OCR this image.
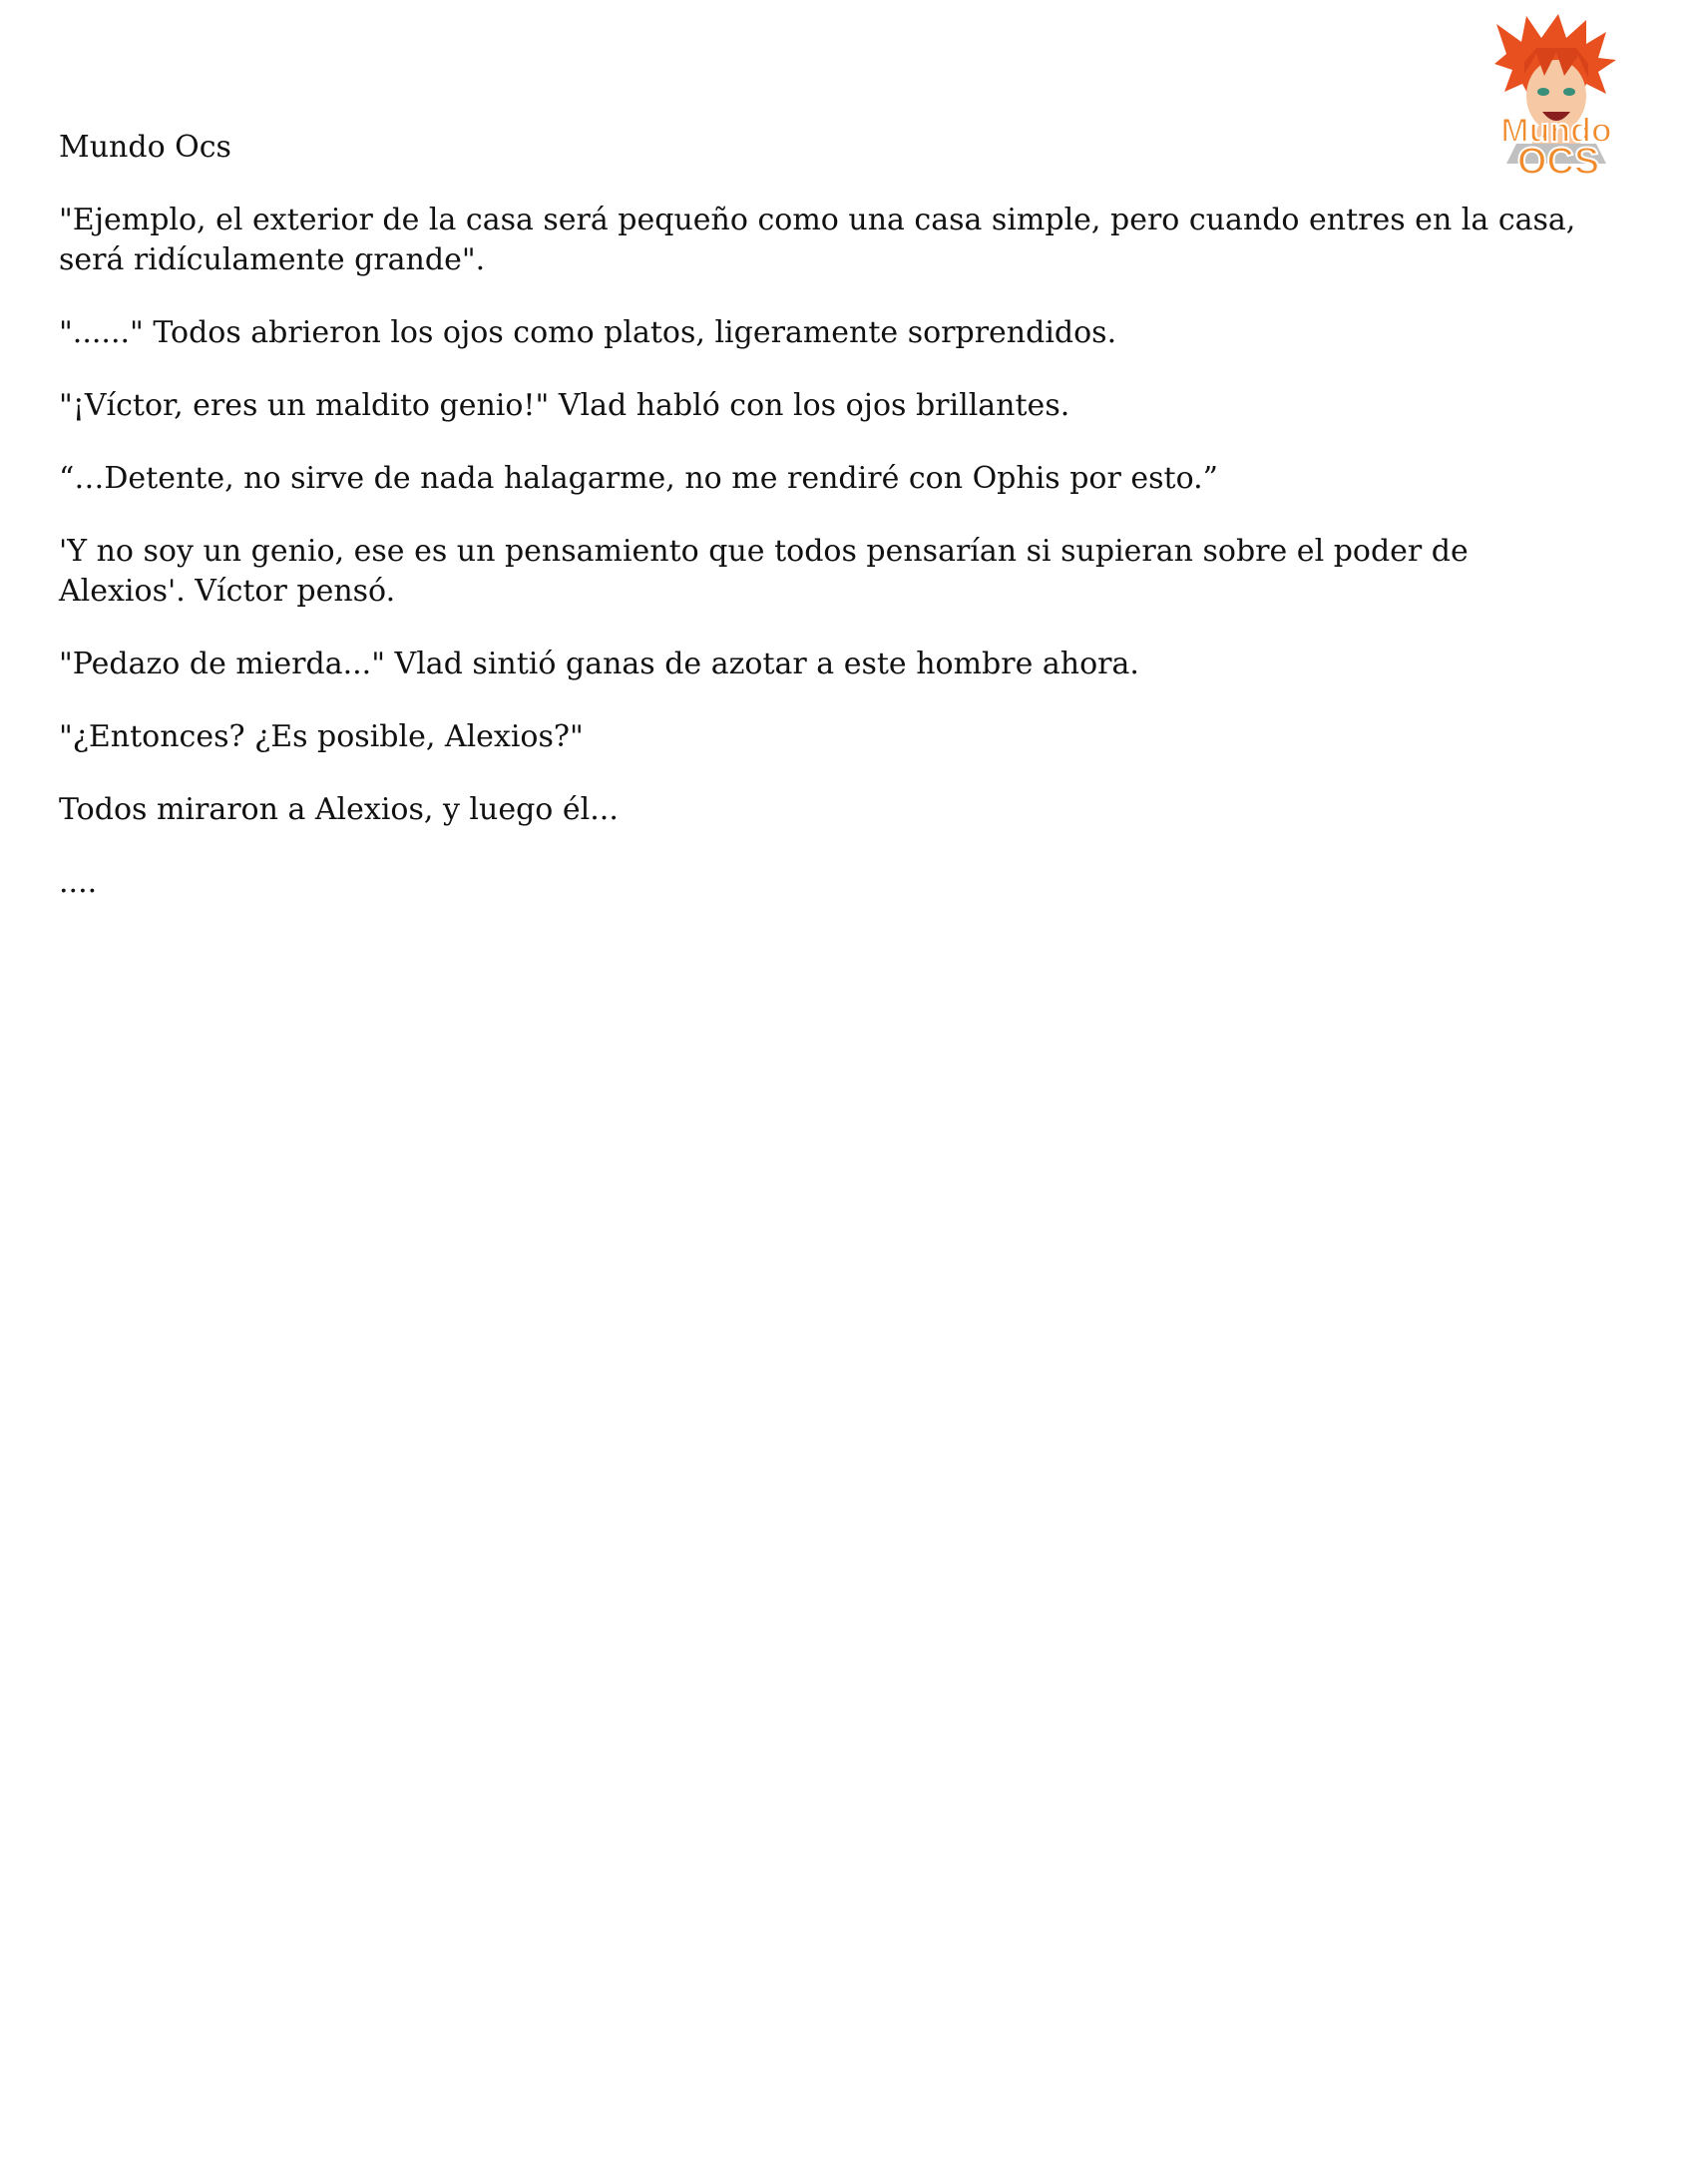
Mundo
OCS

Mundo Ocs

"Ejemplo, el exterior de la casa será pequeño como una casa simple, pero cuando entres en la casa, será ridículamente grande".

"......" Todos abrieron los ojos como platos, ligeramente sorprendidos.

"¡Víctor, eres un maldito genio!" Vlad habló con los ojos brillantes.

“…Detente, no sirve de nada halagarme, no me rendiré con Ophis por esto.”

'Y no soy un genio, ese es un pensamiento que todos pensarían si supieran sobre el poder de Alexios'. Víctor pensó.

"Pedazo de mierda..." Vlad sintió ganas de azotar a este hombre ahora.

"¿Entonces? ¿Es posible, Alexios?"

Todos miraron a Alexios, y luego él...

....
